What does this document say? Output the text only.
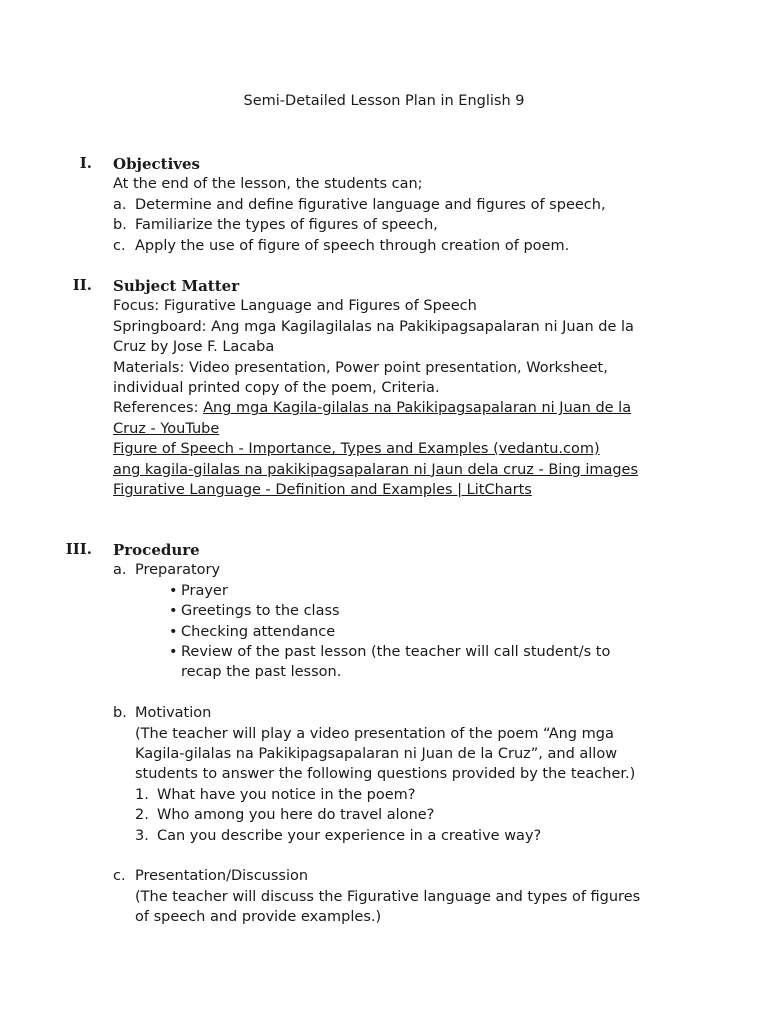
Semi-Detailed Lesson Plan in English 9
I. Objectives
At the end of the lesson, the students can;
a. Determine and define figurative language and figures of speech,
b. Familiarize the types of figures of speech,
c. Apply the use of figure of speech through creation of poem.
II. Subject Matter
Focus: Figurative Language and Figures of Speech
Springboard: Ang mga Kagilagilalas na Pakikipagsapalaran ni Juan de la
Cruz by Jose F. Lacaba
Materials: Video presentation, Power point presentation, Worksheet,
individual printed copy of the poem, Criteria.
References: Ang mga Kagila-gilalas na Pakikipagsapalaran ni Juan de la
Cruz - YouTube
Figure of Speech - Importance, Types and Examples (vedantu.com)
ang kagila-gilalas na pakikipagsapalaran ni Jaun dela cruz - Bing images
Figurative Language - Definition and Examples | LitCharts
III. Procedure
a. Preparatory
• Prayer
• Greetings to the class
• Checking attendance
• Review of the past lesson (the teacher will call student/s to
recap the past lesson.
b. Motivation
(The teacher will play a video presentation of the poem “Ang mga
Kagila-gilalas na Pakikipagsapalaran ni Juan de la Cruz”, and allow
students to answer the following questions provided by the teacher.)
1. What have you notice in the poem?
2. Who among you here do travel alone?
3. Can you describe your experience in a creative way?
c. Presentation/Discussion
(The teacher will discuss the Figurative language and types of figures
of speech and provide examples.)
